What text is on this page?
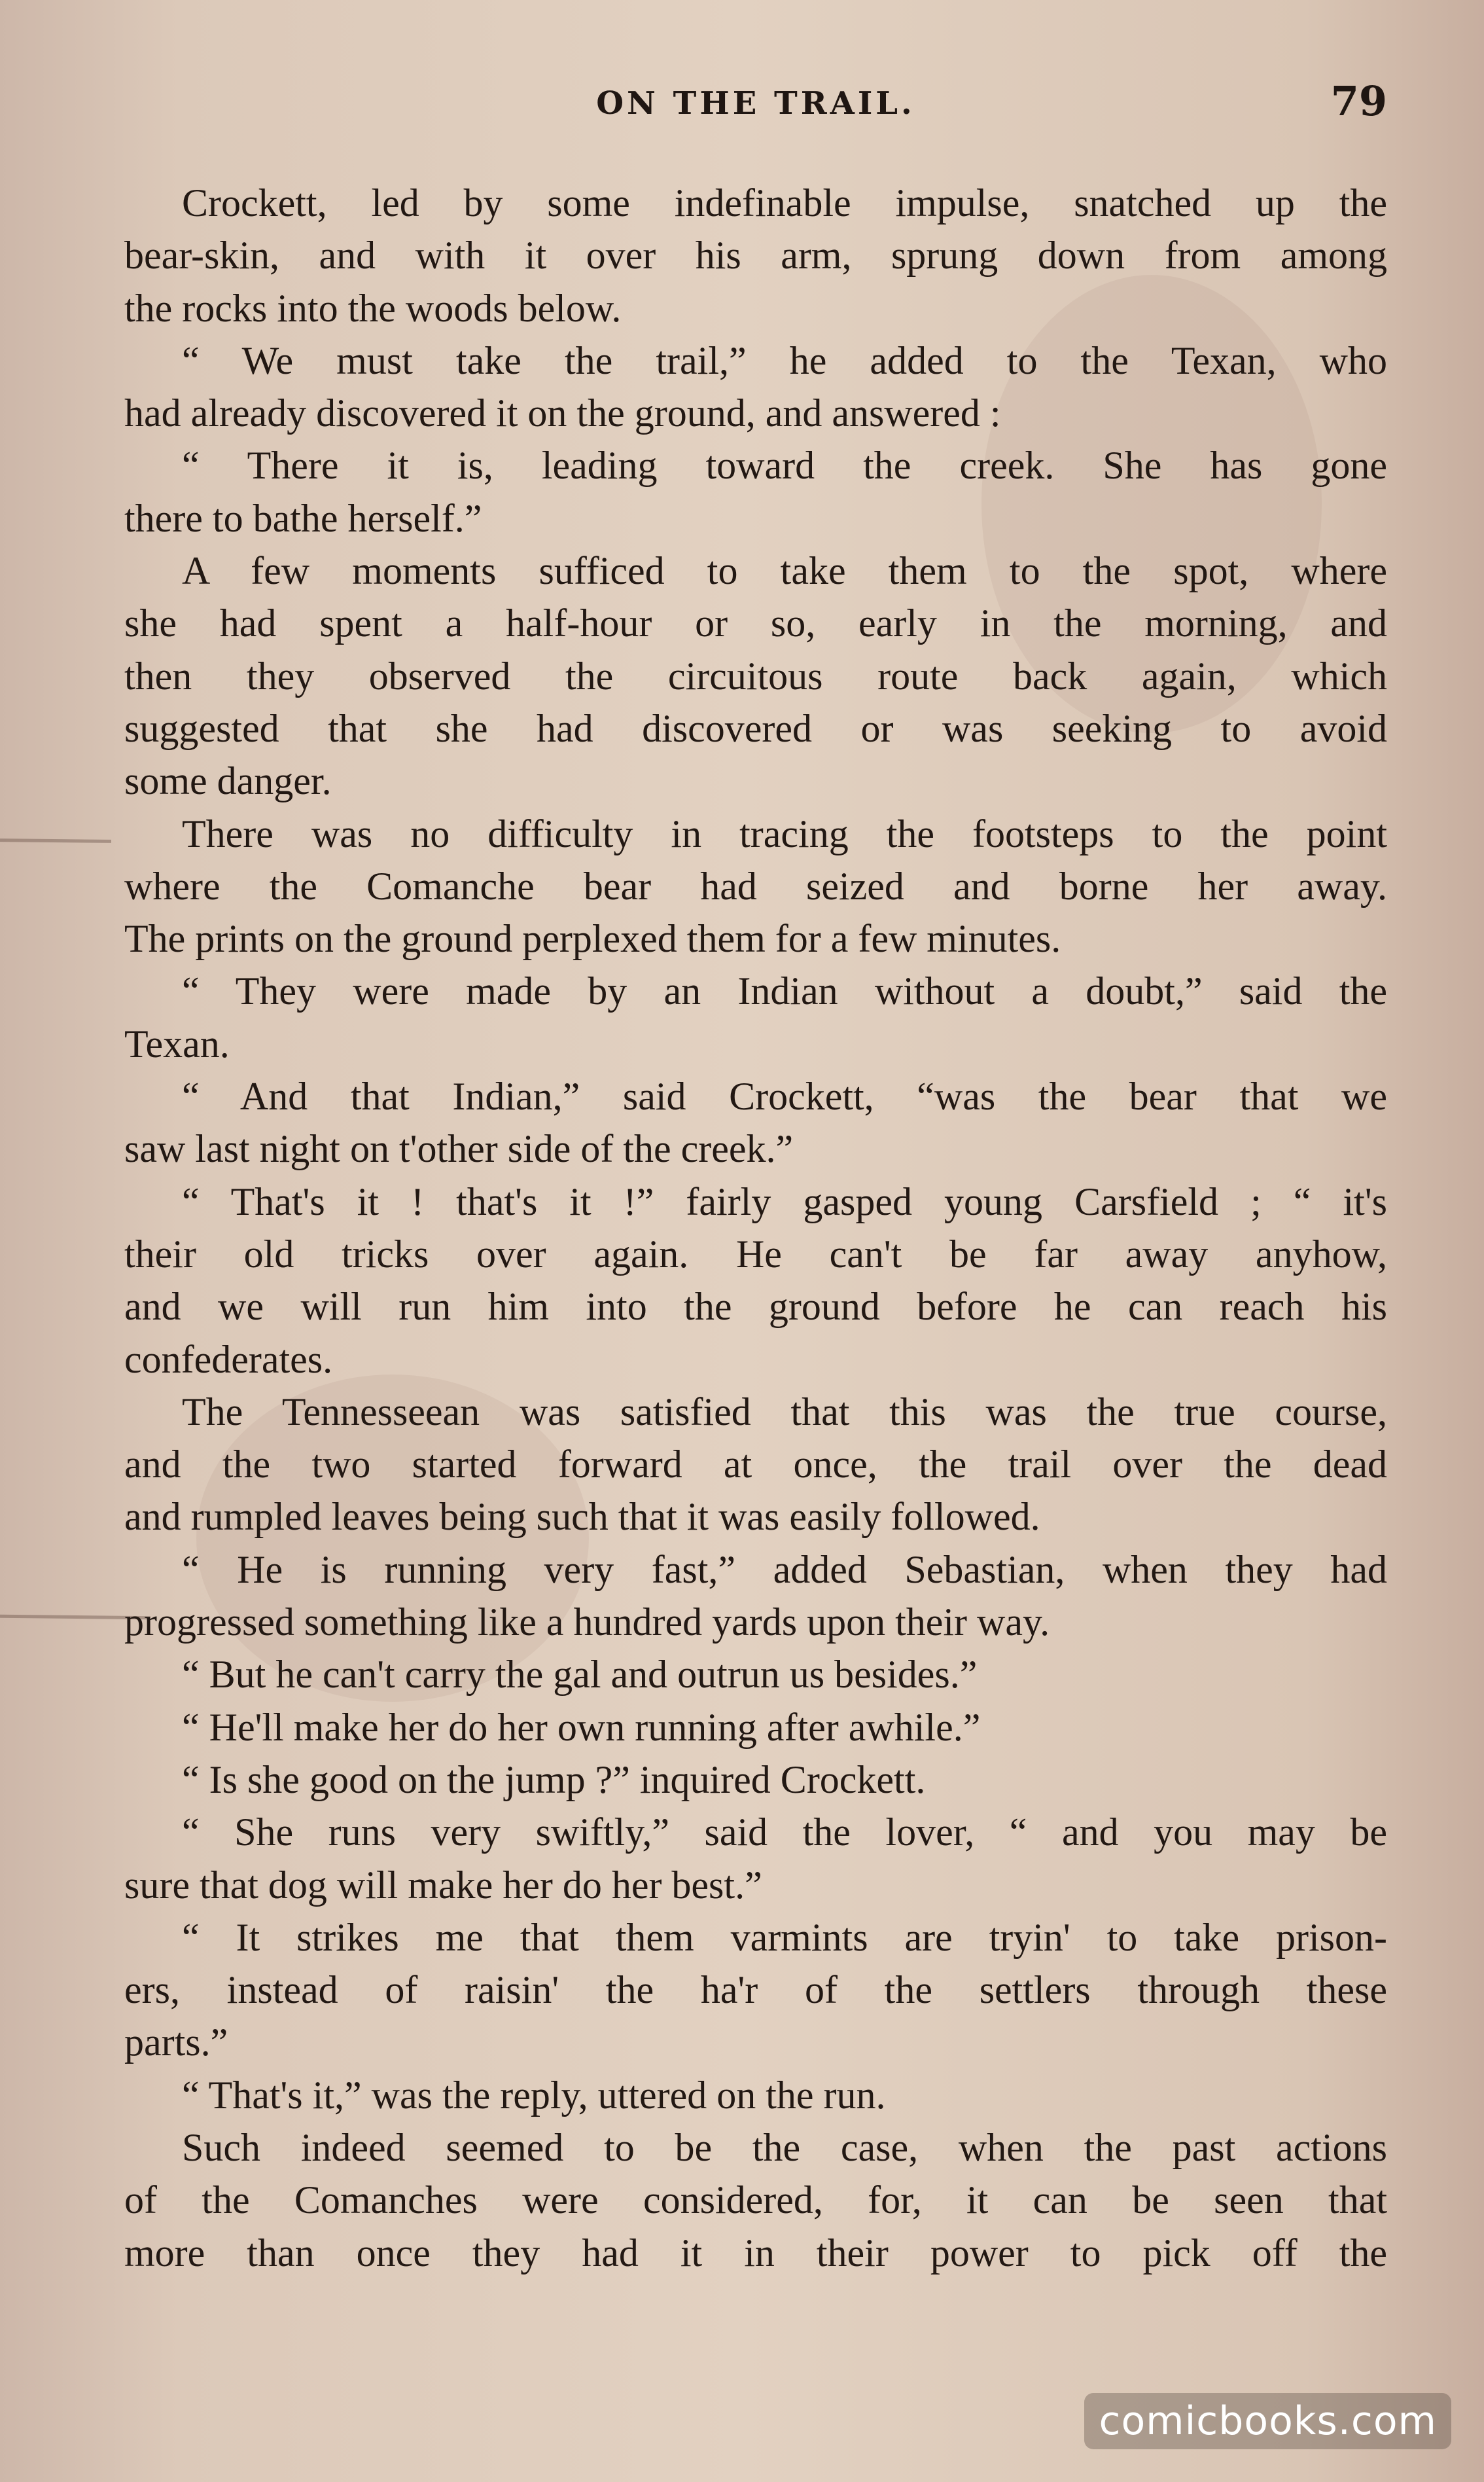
ON THE TRAIL.	79
Crockett, led by some indefinable impulse, snatched up the
bear-skin, and with it over his arm, sprung down from among
the rocks into the woods below.
“ We must take the trail,” he added to the Texan, who
had already discovered it on the ground, and answered :
“ There it is, leading toward the creek. She has gone
there to bathe herself.”
A few moments sufficed to take them to the spot, where
she had spent a half-hour or so, early in the morning, and
then they observed the circuitous route back again, which
suggested that she had discovered or was seeking to avoid
some danger.
There was no difficulty in tracing the footsteps to the point
where the Comanche bear had seized and borne her away.
The prints on the ground perplexed them for a few minutes.
“ They were made by an Indian without a doubt,” said the
Texan.
“ And that Indian,” said Crockett, “was the bear that we
saw last night on t'other side of the creek.”
“ That's it ! that's it !” fairly gasped young Carsfield ; “ it's
their old tricks over again. He can't be far away anyhow,
and we will run him into the ground before he can reach his
confederates.
The Tennesseean was satisfied that this was the true course,
and the two started forward at once, the trail over the dead
and rumpled leaves being such that it was easily followed.
“ He is running very fast,” added Sebastian, when they had
progressed something like a hundred yards upon their way.
“ But he can't carry the gal and outrun us besides.”
“ He'll make her do her own running after awhile.”
“ Is she good on the jump ?” inquired Crockett.
“ She runs very swiftly,” said the lover, “ and you may be
sure that dog will make her do her best.”
“ It strikes me that them varmints are tryin' to take prison-
ers, instead of raisin' the ha'r of the settlers through these
parts.”
“ That's it,” was the reply, uttered on the run.
Such indeed seemed to be the case, when the past actions
of the Comanches were considered, for, it can be seen that
more than once they had it in their power to pick off the
comicbooks.com
